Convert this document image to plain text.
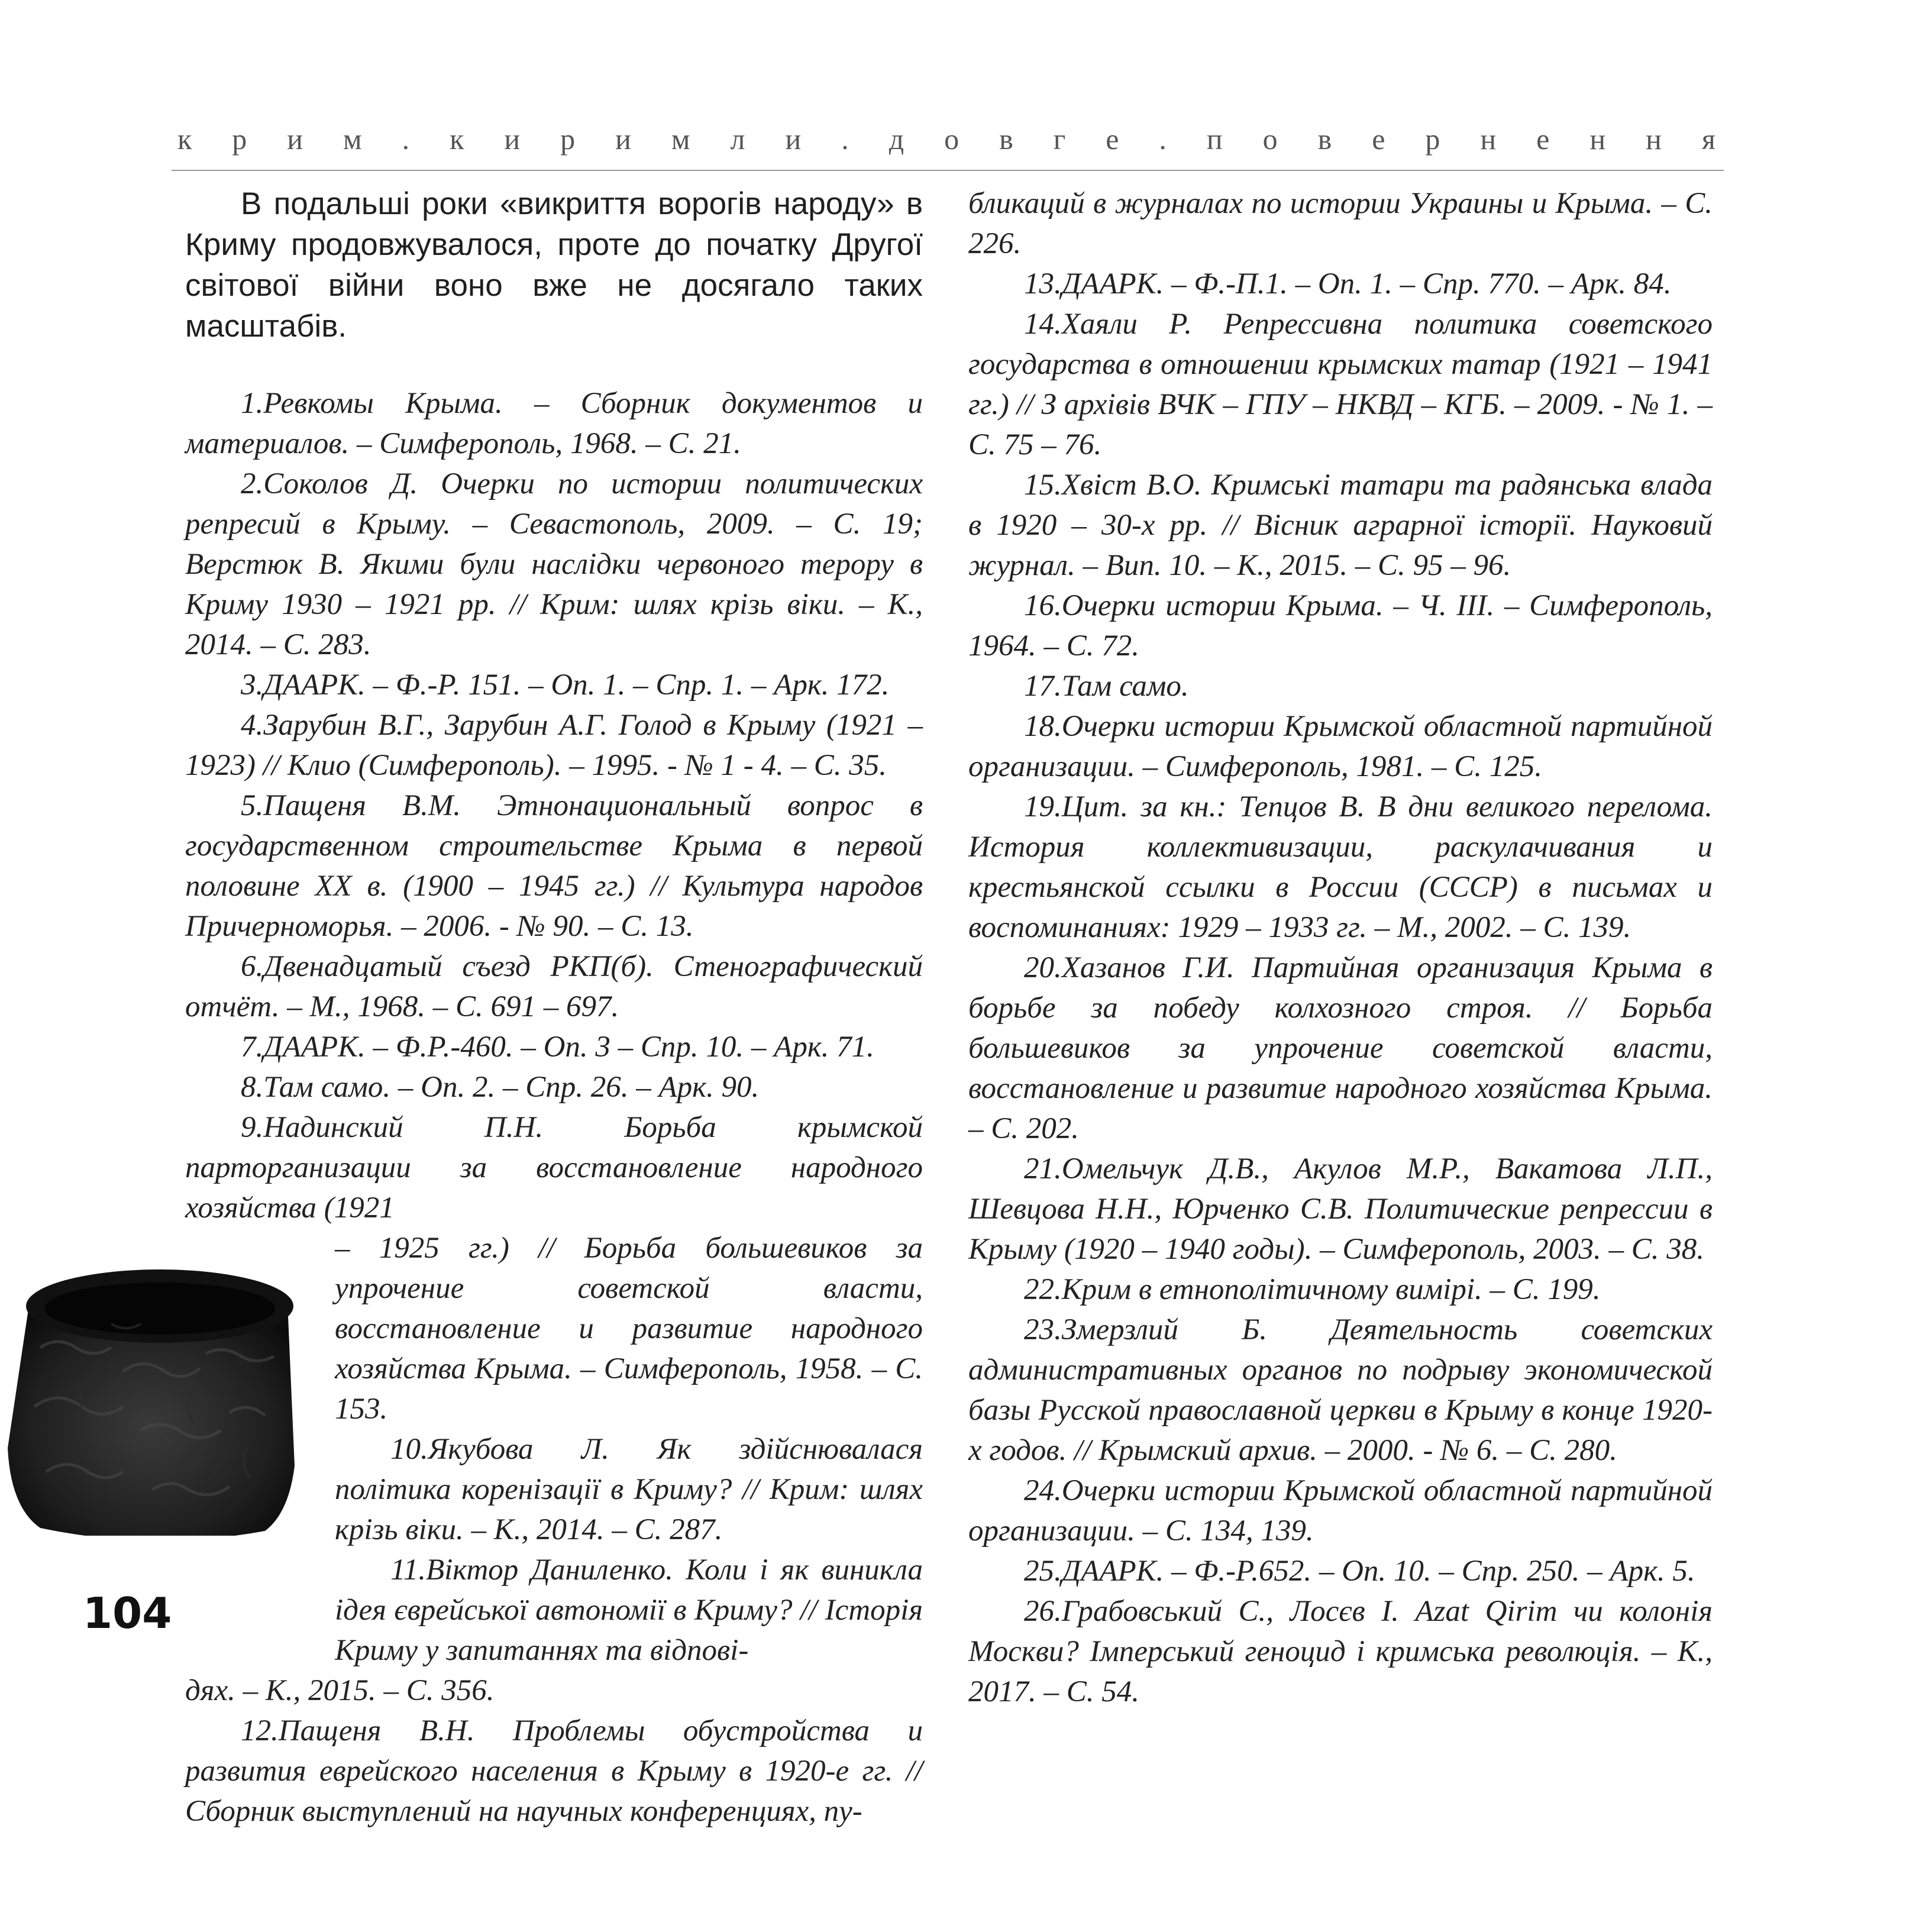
к р и м . к и р и м л и . д о в г е . п о в е р н е н н я

В подальші роки «викриття ворогів народу» в Криму продовжувалося, проте до початку Другої світової війни воно вже не досягало таких масштабів.

1.Ревкомы Крыма. – Сборник документов и материалов. – Симферополь, 1968. – С. 21.

2.Соколов Д. Очерки по истории политических репресий в Крыму. – Севастополь, 2009. – С. 19; Верстюк В. Якими були наслідки червоного терору в Криму 1930 – 1921 рр. // Крим: шлях крізь віки. – К., 2014. – С. 283.

3.ДААРК. – Ф.-Р. 151. – Оп. 1. – Спр. 1. – Арк. 172.

4.Зарубин В.Г., Зарубин А.Г. Голод в Крыму (1921 – 1923) // Клио (Симферополь). – 1995. - № 1 - 4. – С. 35.

5.Пащеня В.М. Этнонациональный вопрос в государственном строительстве Крыма в первой половине ХХ в. (1900 – 1945 гг.) // Культура народов Причерноморья. – 2006. - № 90. – С. 13.

6.Двенадцатый съезд РКП(б). Стенографический отчёт. – М., 1968. – С. 691 – 697.

7.ДААРК. – Ф.Р.-460. – Оп. 3 – Спр. 10. – Арк. 71.

8.Там само. – Оп. 2. – Спр. 26. – Арк. 90.

9.Надинский П.Н. Борьба крымской парторганизации за восстановление народного хозяйства (1921

– 1925 гг.) // Борьба большевиков за упрочение советской власти, восстановление и развитие народного хозяйства Крыма. – Симферополь, 1958. – С. 153.

10.Якубова Л. Як здійснювалася політика коренізації в Криму? // Крим: шлях крізь віки. – К., 2014. – С. 287.

11.Віктор Даниленко. Коли і як виникла ідея єврейської автономії в Криму? // Історія Криму у запитаннях та відпові-

дях. – К., 2015. – С. 356.

12.Пащеня В.Н. Проблемы обустройства и развития еврейского населения в Крыму в 1920-е гг. // Сборник выступлений на научных конференциях, пу-

бликаций в журналах по истории Украины и Крыма. – С. 226.

13.ДААРК. – Ф.-П.1. – Оп. 1. – Спр. 770. – Арк. 84.

14.Хаяли Р. Репрессивна политика советского государства в отношении крымских татар (1921 – 1941 гг.) // З архівів ВЧК – ГПУ – НКВД – КГБ. – 2009. - № 1. – С. 75 – 76.

15.Хвіст В.О. Кримські татари та радянська влада в 1920 – 30-х рр. // Вісник аграрної історії. Науковий журнал. – Вип. 10. – К., 2015. – С. 95 – 96.

16.Очерки истории Крыма. – Ч. ІІІ. – Симферополь, 1964. – С. 72.

17.Там само.

18.Очерки истории Крымской областной партийной организации. – Симферополь, 1981. – С. 125.

19.Цит. за кн.: Тепцов В. В дни великого перелома. История коллективизации, раскулачивания и крестьянской ссылки в России (СССР) в письмах и воспоминаниях: 1929 – 1933 гг. – М., 2002. – С. 139.

20.Хазанов Г.И. Партийная организация Крыма в борьбе за победу колхозного строя. // Борьба большевиков за упрочение советской власти, восстановление и развитие народного хозяйства Крыма. – С. 202.

21.Омельчук Д.В., Акулов М.Р., Вакатова Л.П., Шевцова Н.Н., Юрченко С.В. Политические репрессии в Крыму (1920 – 1940 годы). – Симферополь, 2003. – С. 38.

22.Крим в етнополітичному вимірі. – С. 199.

23.Змерзлий Б. Деятельность советских административных органов по подрыву экономической базы Русской православной церкви в Крыму в конце 1920-х годов. // Крымский архив. – 2000. - № 6. – С. 280.

24.Очерки истории Крымской областной партийной организации. – С. 134, 139.

25.ДААРК. – Ф.-Р.652. – Оп. 10. – Спр. 250. – Арк. 5.

26.Грабовський С., Лосєв І. Azat Qirim чи колонія Москви? Імперський геноцид і кримська революція. – К., 2017. – С. 54.

104
